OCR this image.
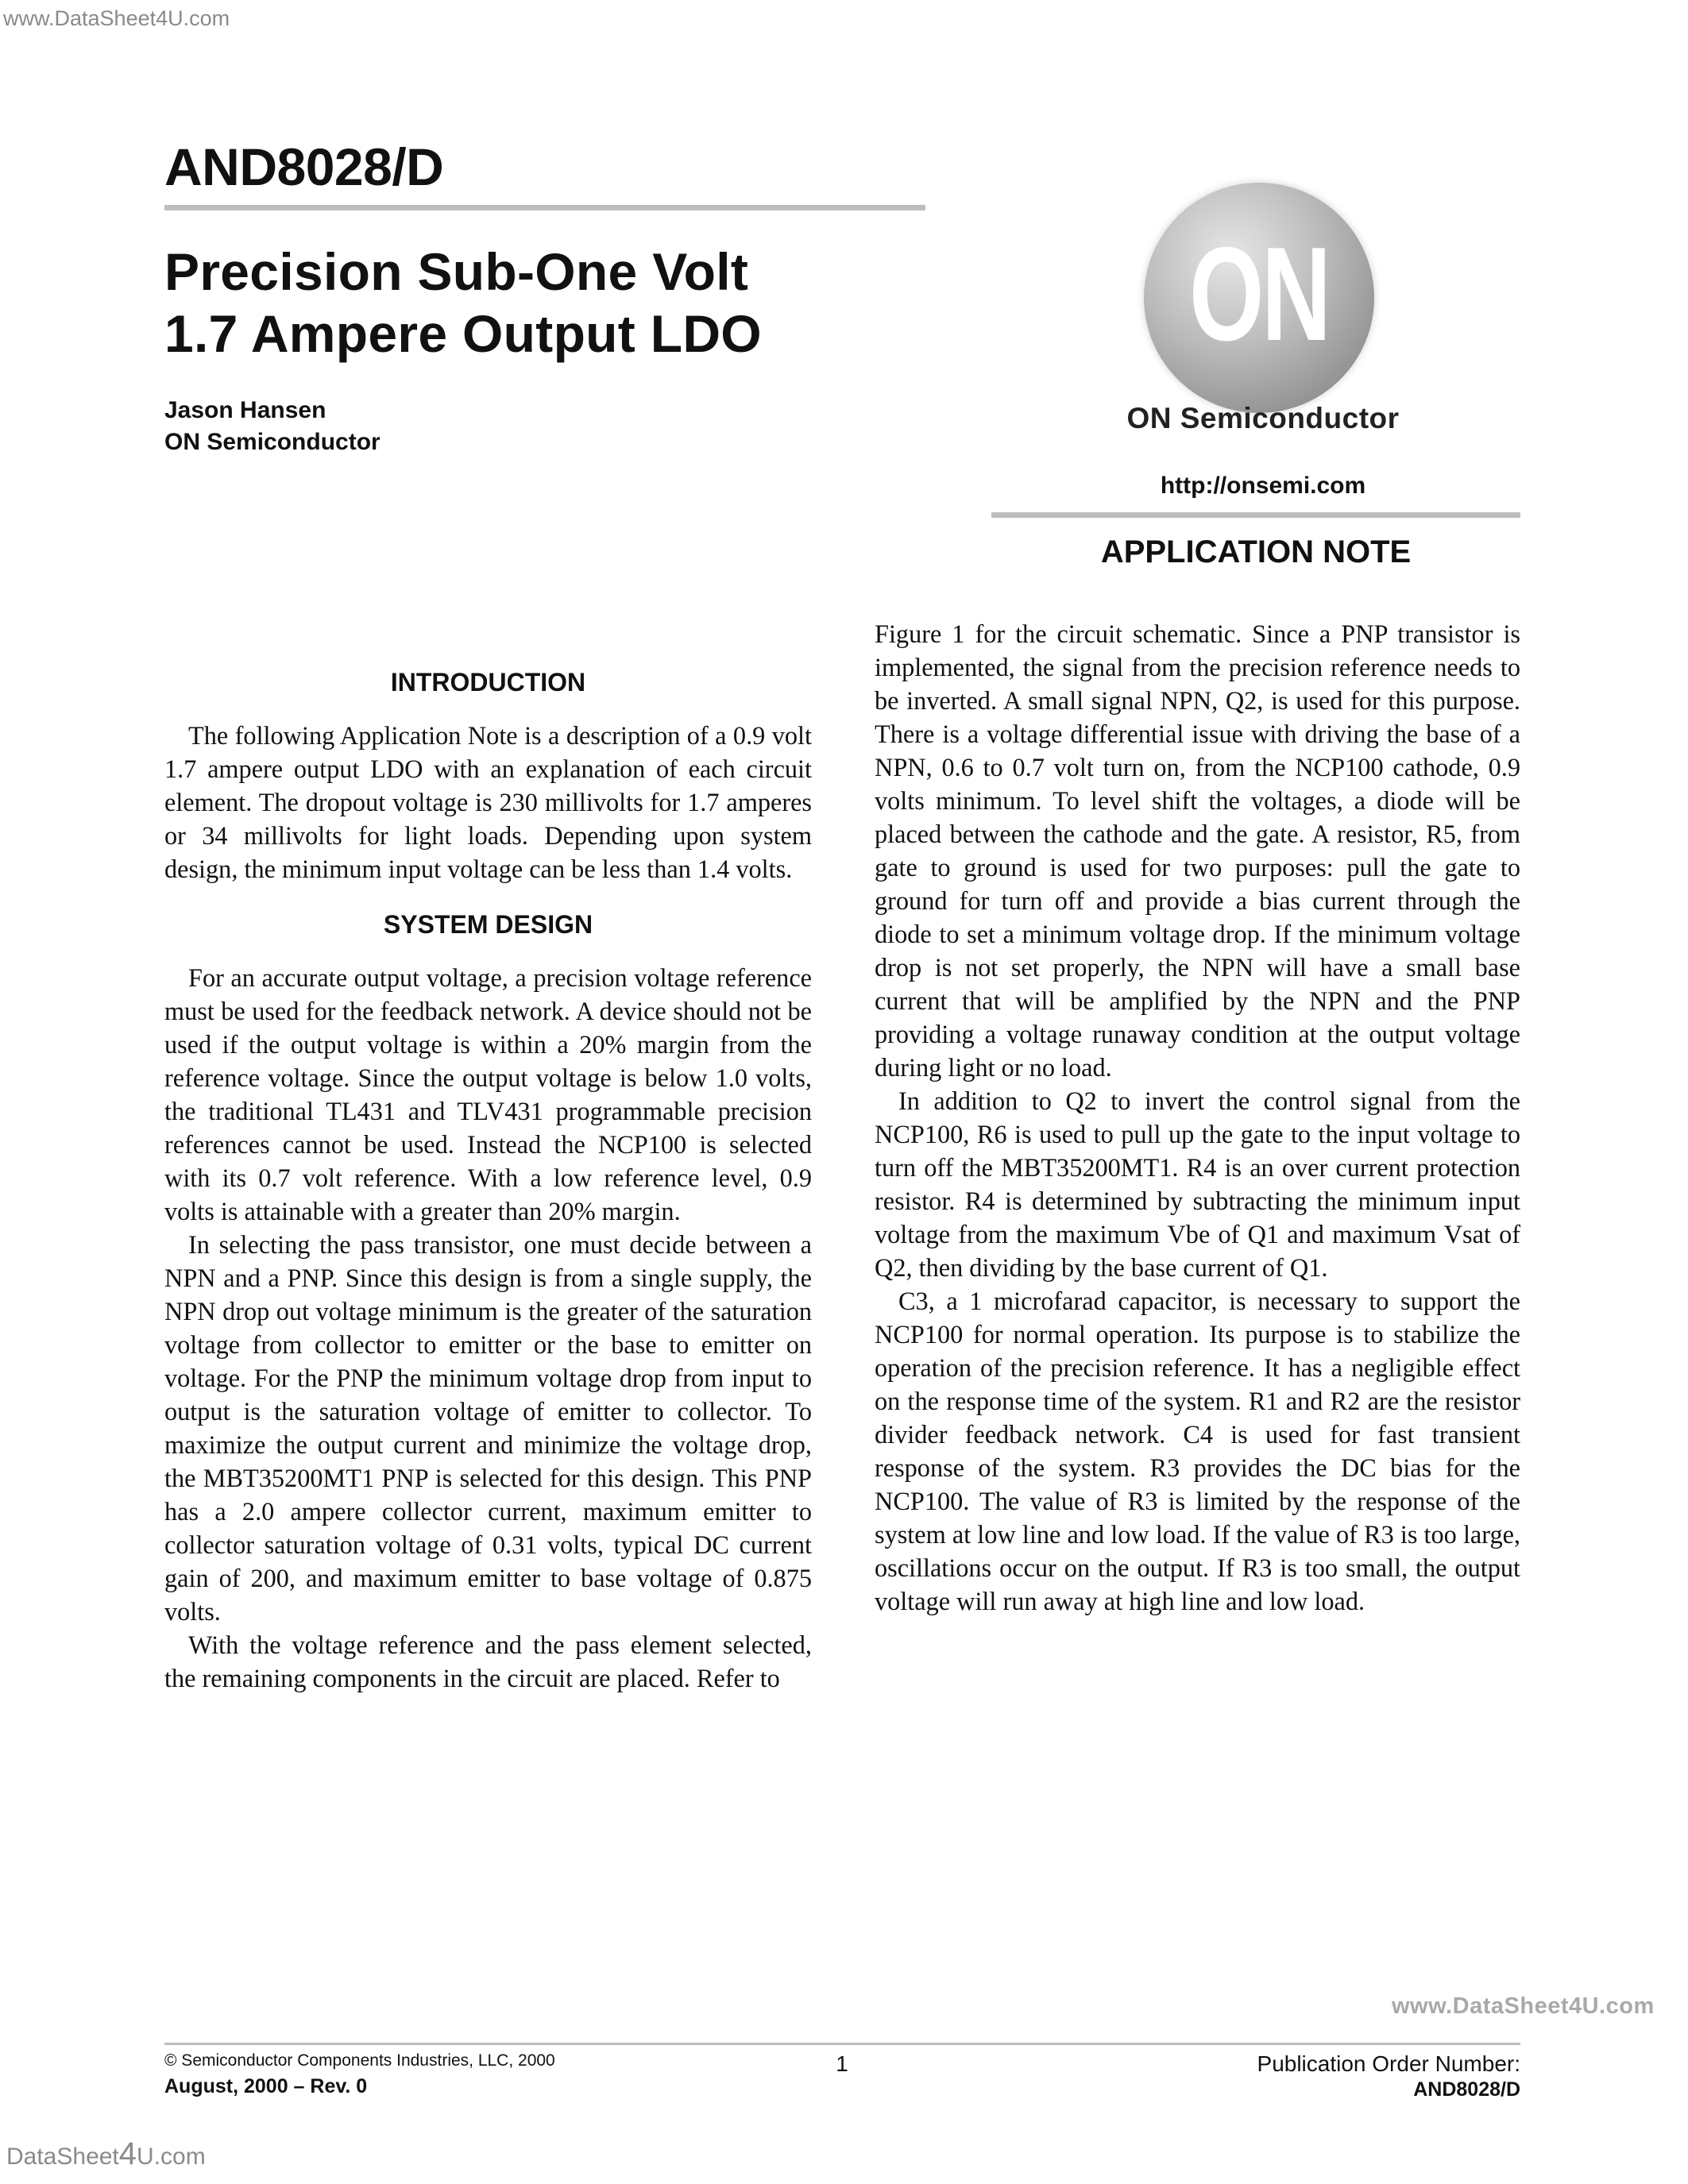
www.DataSheet4U.com
AND8028/D
Precision Sub-One Volt
1.7 Ampere Output LDO
Jason Hansen
ON Semiconductor
ON
ON Semiconductor
http://onsemi.com
APPLICATION NOTE
INTRODUCTION

The following Application Note is a description of a 0.9 volt 1.7 ampere output LDO with an explanation of each circuit element. The dropout voltage is 230 millivolts for 1.7 amperes or 34 millivolts for light loads. Depending upon system design, the minimum input voltage can be less than 1.4 volts.

SYSTEM DESIGN

For an accurate output voltage, a precision voltage reference must be used for the feedback network. A device should not be used if the output voltage is within a 20% margin from the reference voltage. Since the output voltage is below 1.0 volts, the traditional TL431 and TLV431 programmable precision references cannot be used. Instead the NCP100 is selected with its 0.7 volt reference. With a low reference level, 0.9 volts is attainable with a greater than 20% margin.

In selecting the pass transistor, one must decide between a NPN and a PNP. Since this design is from a single supply, the NPN drop out voltage minimum is the greater of the saturation voltage from collector to emitter or the base to emitter on voltage. For the PNP the minimum voltage drop from input to output is the saturation voltage of emitter to collector. To maximize the output current and minimize the voltage drop, the MBT35200MT1 PNP is selected for this design. This PNP has a 2.0 ampere collector current, maximum emitter to collector saturation voltage of 0.31 volts, typical DC current gain of 200, and maximum emitter to base voltage of 0.875 volts.

With the voltage reference and the pass element selected, the remaining components in the circuit are placed. Refer to

Figure 1 for the circuit schematic. Since a PNP transistor is implemented, the signal from the precision reference needs to be inverted. A small signal NPN, Q2, is used for this purpose. There is a voltage differential issue with driving the base of a NPN, 0.6 to 0.7 volt turn on, from the NCP100 cathode, 0.9 volts minimum. To level shift the voltages, a diode will be placed between the cathode and the gate. A resistor, R5, from gate to ground is used for two purposes: pull the gate to ground for turn off and provide a bias current through the diode to set a minimum voltage drop. If the minimum voltage drop is not set properly, the NPN will have a small base current that will be amplified by the NPN and the PNP providing a voltage runaway condition at the output voltage during light or no load.

In addition to Q2 to invert the control signal from the NCP100, R6 is used to pull up the gate to the input voltage to turn off the MBT35200MT1. R4 is an over current protection resistor. R4 is determined by subtracting the minimum input voltage from the maximum Vbe of Q1 and maximum Vsat of Q2, then dividing by the base current of Q1.

C3, a 1 microfarad capacitor, is necessary to support the NCP100 for normal operation. Its purpose is to stabilize the operation of the precision reference. It has a negligible effect on the response time of the system. R1 and R2 are the resistor divider feedback network. C4 is used for fast transient response of the system. R3 provides the DC bias for the NCP100. The value of R3 is limited by the response of the system at low line and low load. If the value of R3 is too large, oscillations occur on the output. If R3 is too small, the output voltage will run away at high line and low load.

www.DataSheet4U.com
© Semiconductor Components Industries, LLC, 2000
August, 2000 – Rev. 0
1	Publication Order Number:
AND8028/D
DataSheet4U.com
